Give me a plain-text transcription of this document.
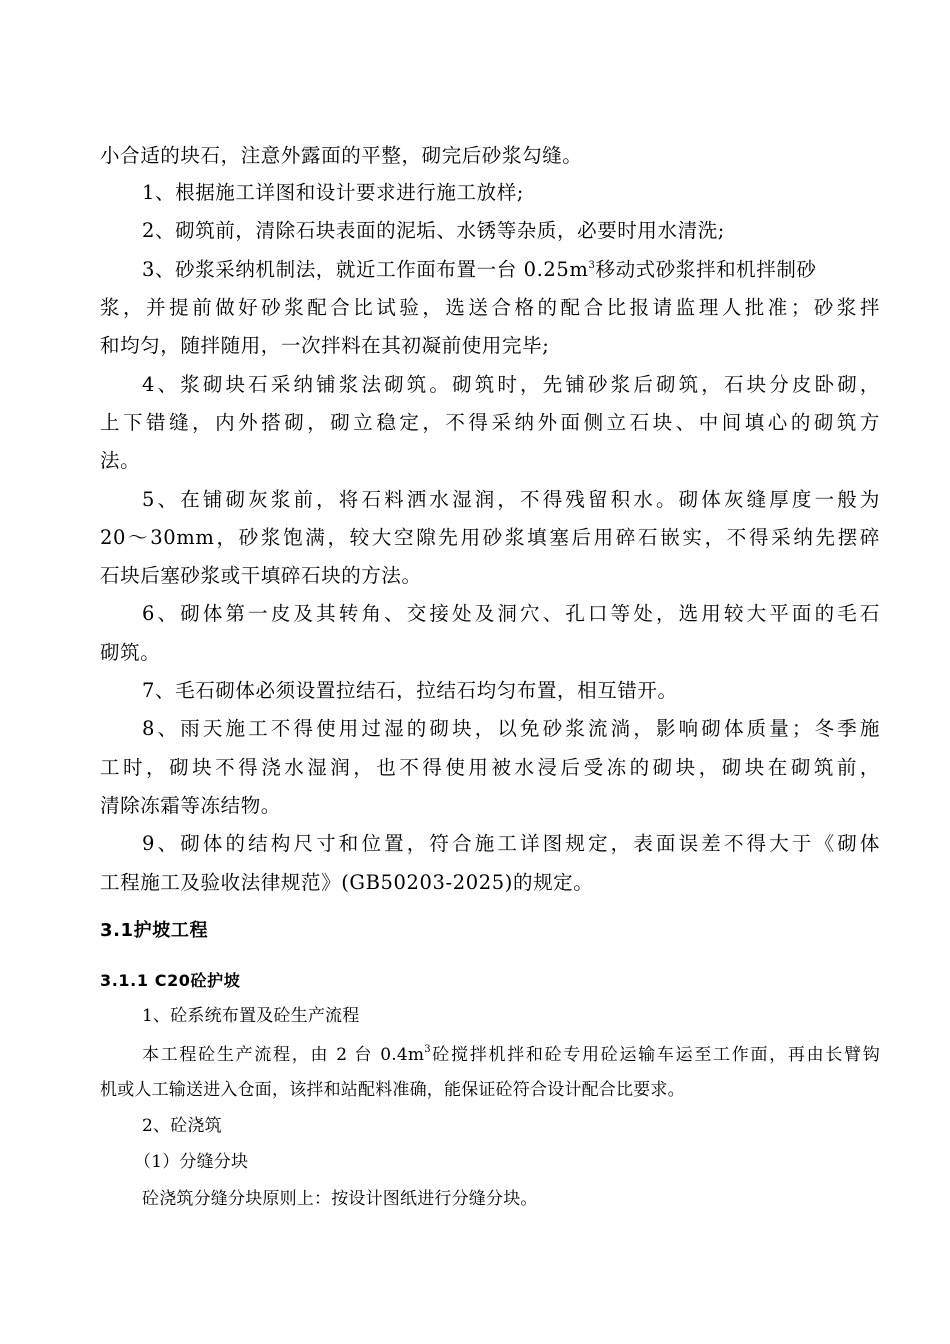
小合适的块石，注意外露面的平整，砌完后砂浆勾缝。
1、根据施工详图和设计要求进行施工放样;
2、砌筑前，清除石块表面的泥垢、水锈等杂质，必要时用水清洗;
3、砂浆采纳机制法，就近工作面布置一台 $0.25m^3$移动式砂浆拌和机拌制砂
浆，并提前做好砂浆配合比试验，选送合格的配合比报请监理人批准；砂浆拌
和均匀，随拌随用，一次拌料在其初凝前使用完毕;
4、浆砌块石采纳铺浆法砌筑。砌筑时，先铺砂浆后砌筑，石块分皮卧砌，
上下错缝，内外搭砌，砌立稳定，不得采纳外面侧立石块、中间填心的砌筑方
法。
5、在铺砌灰浆前，将石料洒水湿润，不得残留积水。砌体灰缝厚度一般为
20～30mm，砂浆饱满，较大空隙先用砂浆填塞后用碎石嵌实，不得采纳先摆碎
石块后塞砂浆或干填碎石块的方法。
6、砌体第一皮及其转角、交接处及洞穴、孔口等处，选用较大平面的毛石
砌筑。
7、毛石砌体必须设置拉结石，拉结石均匀布置，相互错开。
8、雨天施工不得使用过湿的砌块，以免砂浆流淌，影响砌体质量；冬季施
工时，砌块不得浇水湿润，也不得使用被水浸后受冻的砌块，砌块在砌筑前，
清除冻霜等冻结物。
9、砌体的结构尺寸和位置，符合施工详图规定，表面误差不得大于《砌体
工程施工及验收法律规范》(GB50203-2025)的规定。
3.1护坡工程
3.1.1 C20砼护坡
1、砼系统布置及砼生产流程
本工程砼生产流程，由 2 台 $0.4m^3$砼搅拌机拌和砼专用砼运输车运至工作面，再由长臂钩
机或人工输送进入仓面，该拌和站配料准确，能保证砼符合设计配合比要求。
2、砼浇筑
（1）分缝分块
砼浇筑分缝分块原则上：按设计图纸进行分缝分块。
